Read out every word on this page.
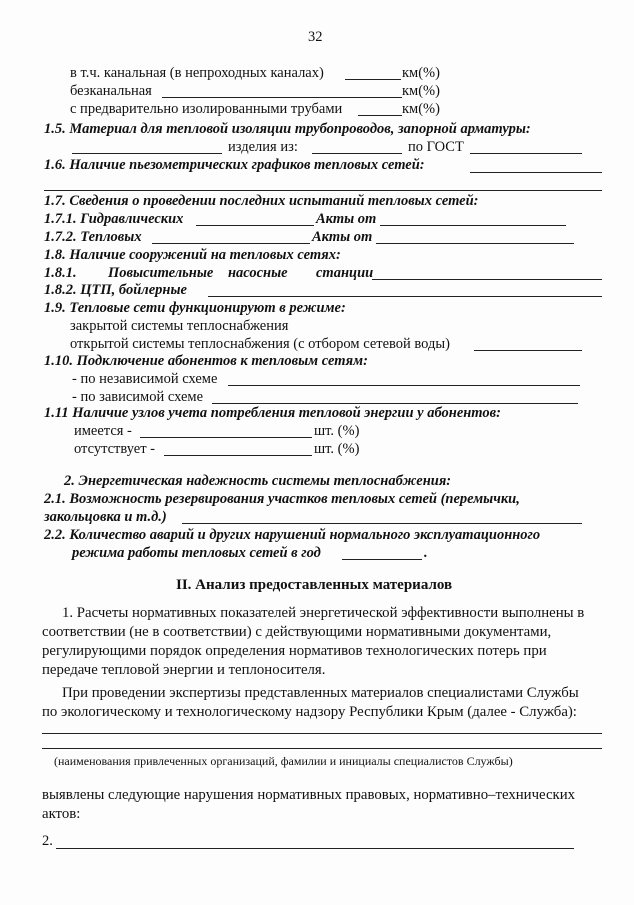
32
в т.ч. канальная (в непроходных каналах)	км(%)
безканальная	км(%)
с предварительно изолированными трубами	км(%)
1.5. Материал для тепловой изоляции трубопроводов, запорной арматуры:
изделия из:	по ГОСТ
1.6. Наличие пьезометрических графиков тепловых сетей:
1.7. Сведения о проведении последних испытаний тепловых сетей:
1.7.1. Гидравлических	Акты от
1.7.2. Тепловых	Акты от
1.8. Наличие сооружений на тепловых сетях:
1.8.1. Повысительные насосные станции
1.8.2. ЦТП, бойлерные
1.9. Тепловые сети функционируют в режиме:
закрытой системы теплоснабжения
открытой системы теплоснабжения (с отбором сетевой воды)
1.10. Подключение абонентов к тепловым сетям:
- по независимой схеме
- по зависимой схеме
1.11 Наличие узлов учета потребления тепловой энергии у абонентов:
имеется -	шт. (%)
отсутствует -	шт. (%)
2. Энергетическая надежность системы теплоснабжения:
2.1. Возможность резервирования участков тепловых сетей (перемычки,
закольцовка и т.д.)
2.2. Количество аварий и других нарушений нормального эксплуатационного
режима работы тепловых сетей в год	.
II. Анализ предоставленных материалов
1. Расчеты нормативных показателей энергетической эффективности выполнены в
соответствии (не в соответствии) с действующими нормативными документами,
регулирующими порядок определения нормативов технологических потерь при
передаче тепловой энергии и теплоносителя.
При проведении экспертизы представленных материалов специалистами Службы
по экологическому и технологическому надзору Республики Крым (далее - Служба):
(наименования привлеченных организаций, фамилии и инициалы специалистов Службы)
выявлены следующие нарушения нормативных правовых, нормативно–технических
актов:
2.
